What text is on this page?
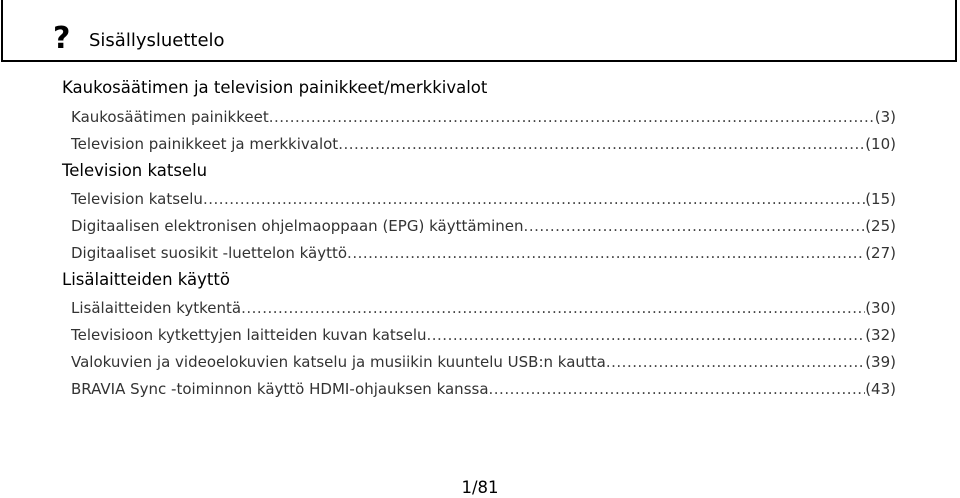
? Sisällysluettelo
Kaukosäätimen ja television painikkeet/merkkivalot
Kaukosäätimen painikkeet .....	(3)
Television painikkeet ja merkkivalot .....	(10)
Television katselu
Television katselu .....	(15)
Digitaalisen elektronisen ohjelmaoppaan (EPG) käyttäminen .....	(25)
Digitaaliset suosikit -luettelon käyttö .....	(27)
Lisälaitteiden käyttö
Lisälaitteiden kytkentä .....	(30)
Televisioon kytkettyjen laitteiden kuvan katselu .....	(32)
Valokuvien ja videoelokuvien katselu ja musiikin kuuntelu USB:n kautta .....	(39)
BRAVIA Sync -toiminnon käyttö HDMI-ohjauksen kanssa .....	(43)
1/81
